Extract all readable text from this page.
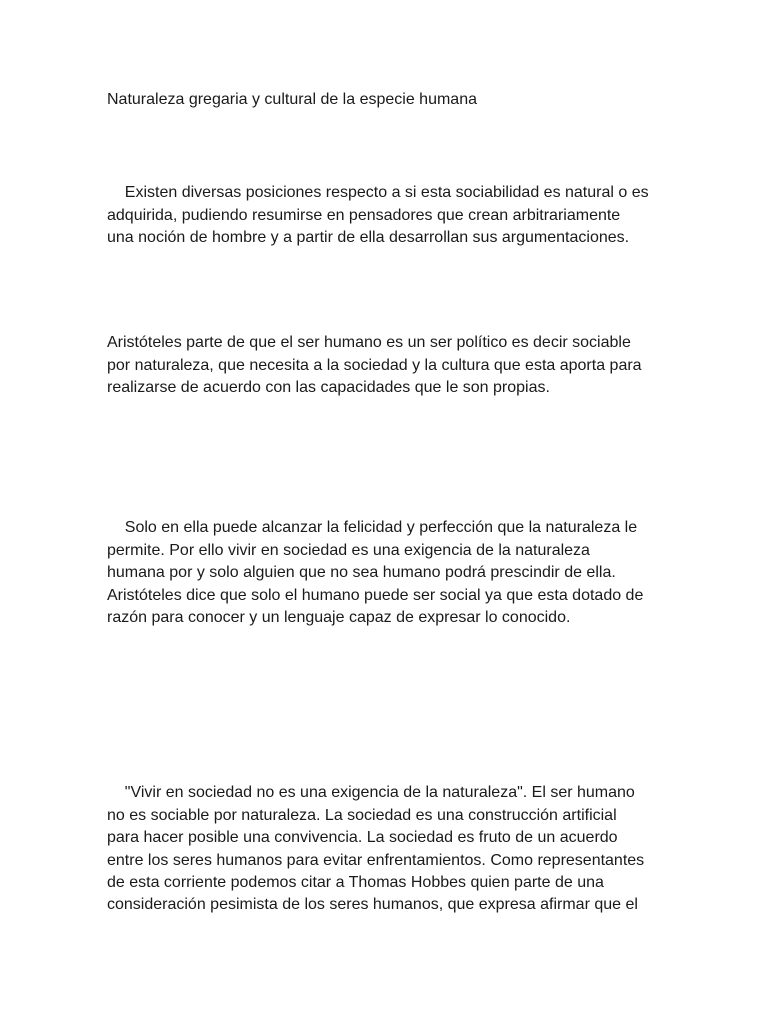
Naturaleza gregaria y cultural de la especie humana

Existen diversas posiciones respecto a si esta sociabilidad es natural o es
adquirida, pudiendo resumirse en pensadores que crean arbitrariamente
una noción de hombre y a partir de ella desarrollan sus argumentaciones.

Aristóteles parte de que el ser humano es un ser político es decir sociable
por naturaleza, que necesita a la sociedad y la cultura que esta aporta para
realizarse de acuerdo con las capacidades que le son propias.

Solo en ella puede alcanzar la felicidad y perfección que la naturaleza le
permite. Por ello vivir en sociedad es una exigencia de la naturaleza
humana por y solo alguien que no sea humano podrá prescindir de ella.
Aristóteles dice que solo el humano puede ser social ya que esta dotado de
razón para conocer y un lenguaje capaz de expresar lo conocido.

"Vivir en sociedad no es una exigencia de la naturaleza". El ser humano
no es sociable por naturaleza. La sociedad es una construcción artificial
para hacer posible una convivencia. La sociedad es fruto de un acuerdo
entre los seres humanos para evitar enfrentamientos. Como representantes
de esta corriente podemos citar a Thomas Hobbes quien parte de una
consideración pesimista de los seres humanos, que expresa afirmar que el
